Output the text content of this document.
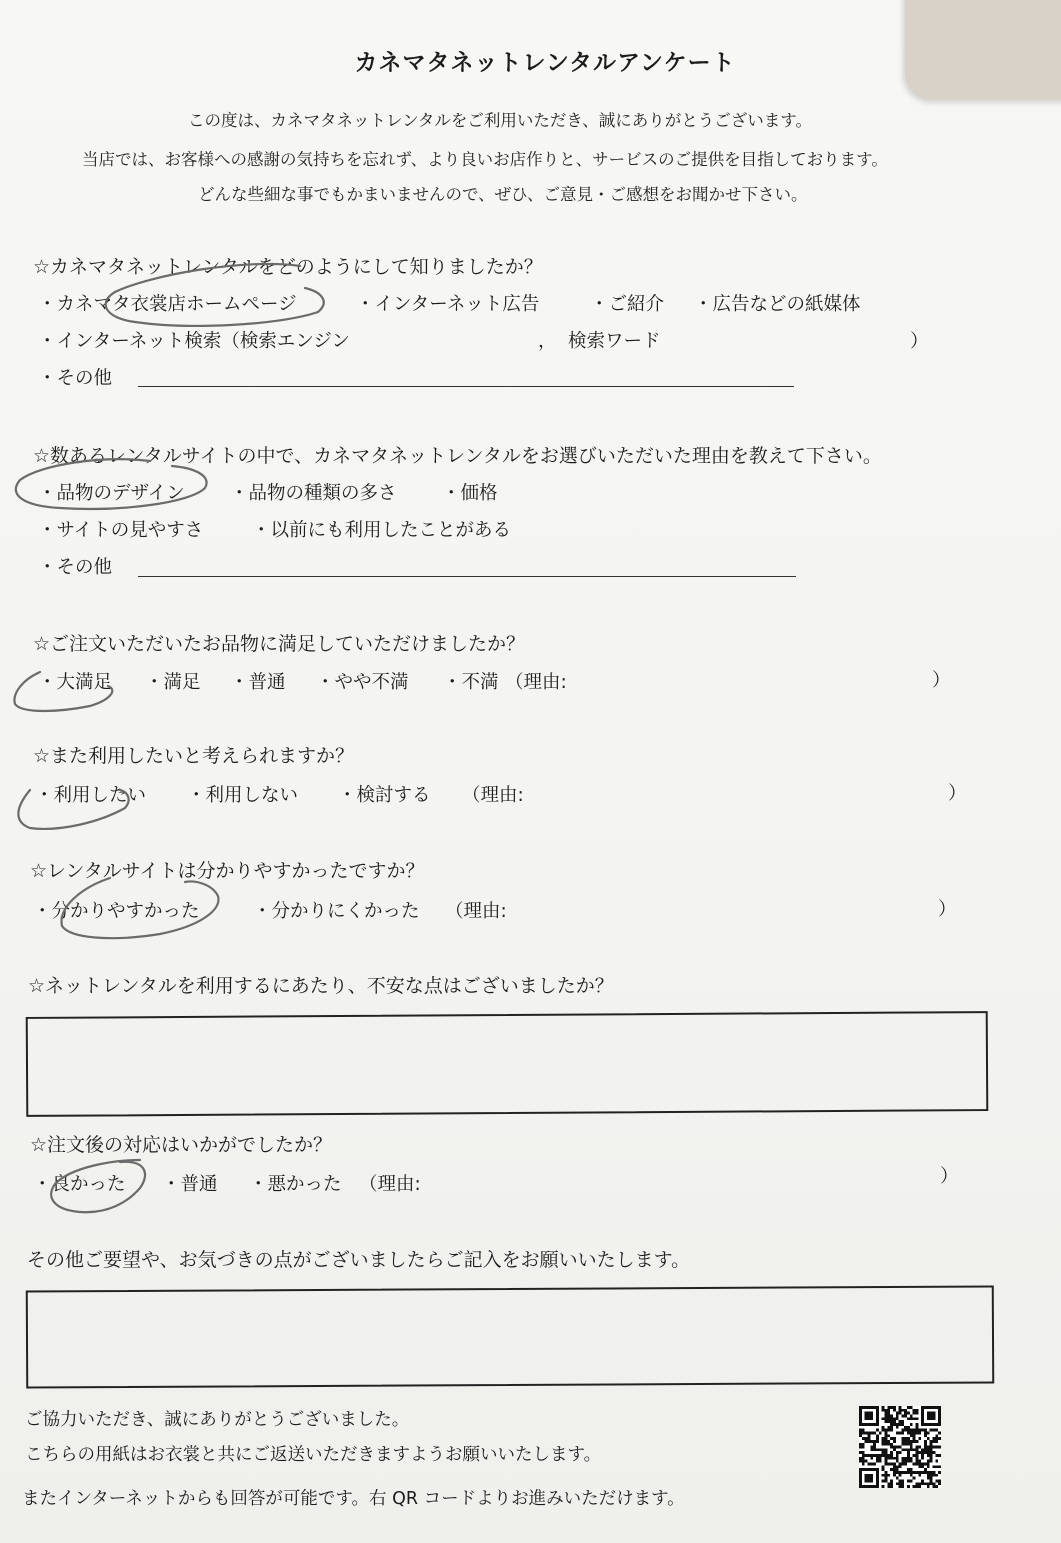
カネマタネットレンタルアンケート
この度は、カネマタネットレンタルをご利用いただき、誠にありがとうございます。
当店では、お客様への感謝の気持ちを忘れず、より良いお店作りと、サービスのご提供を目指しております。
どんな些細な事でもかまいませんので、ぜひ、ご意見・ご感想をお聞かせ下さい。
☆カネマタネットレンタルをどのようにして知りましたか？
・カネマタ衣裳店ホームページ	・インターネット広告	・ご紹介 ・広告などの紙媒体
・インターネット検索（検索エンジン	， 検索ワード	）
・その他
☆数あるレンタルサイトの中で、カネマタネットレンタルをお選びいただいた理由を教えて下さい。
・品物のデザイン ・品物の種類の多さ ・価格
・サイトの見やすさ	・以前にも利用したことがある
・その他
☆ご注文いただいたお品物に満足していただけましたか？
・大満足 ・満足 ・普通 ・やや不満 ・不満 （理由:	）
☆また利用したいと考えられますか？
・利用したい ・利用しない ・検討する （理由:	）
☆レンタルサイトは分かりやすかったですか？
・分かりやすかった	・分かりにくかった （理由:	）
☆ネットレンタルを利用するにあたり、不安な点はございましたか？
☆注文後の対応はいかがでしたか？
・良かった ・普通 ・悪かった （理由:	）
その他ご要望や、お気づきの点がございましたらご記入をお願いいたします。
ご協力いただき、誠にありがとうございました。
こちらの用紙はお衣裳と共にご返送いただきますようお願いいたします。
またインターネットからも回答が可能です。右 QR コードよりお進みいただけます。
